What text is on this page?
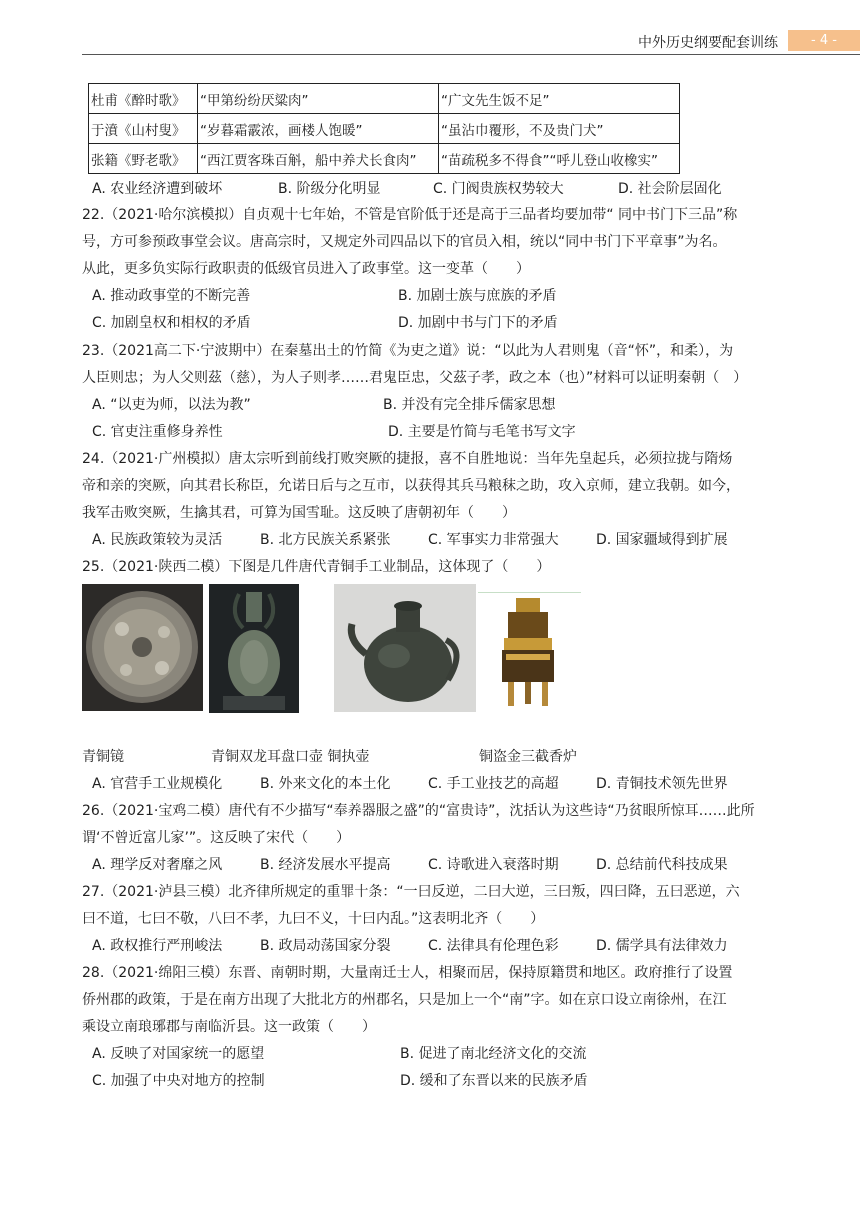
中外历史纲要配套训练	- 4 -
杜甫《醉时歌》	“甲第纷纷厌粱肉”	“广文先生饭不足”
于濆《山村叟》	“岁暮霜霰浓，画楼人饱暖”	“虽沾巾覆形，不及贵门犬”
张籍《野老歌》	“西江贾客珠百斛，船中养犬长食肉”	“苗疏税多不得食”“呼儿登山收橡实”
A. 农业经济遭到破坏	B. 阶级分化明显	C. 门阀贵族权势较大	D. 社会阶层固化
22.（2021·哈尔滨模拟）自贞观十七年始，不管是官阶低于还是高于三品者均要加带“ 同中书门下三品”称
号，方可参预政事堂会议。唐高宗时，又规定外司四品以下的官员入相，统以“同中书门下平章事”为名。
从此，更多负实际行政职责的低级官员进入了政事堂。这一变革（　　）
A. 推动政事堂的不断完善	B. 加剧士族与庶族的矛盾
C. 加剧皇权和相权的矛盾	D. 加剧中书与门下的矛盾
23.（2021高二下·宁波期中）在秦墓出土的竹简《为吏之道》说：“以此为人君则鬼（音“怀”，和柔），为
人臣则忠；为人父则茲（慈），为人子则孝……君鬼臣忠，父茲子孝，政之本（也）”材料可以证明秦朝（　）
A. “以吏为师，以法为教”	B. 并没有完全排斥儒家思想
C. 官吏注重修身养性	D. 主要是竹简与毛笔书写文字
24.（2021·广州模拟）唐太宗听到前线打败突厥的捷报，喜不自胜地说：当年先皇起兵，必须拉拢与隋炀
帝和亲的突厥，向其君长称臣，允诺日后与之互市，以获得其兵马粮秣之助，攻入京师，建立我朝。如今，
我军击败突厥，生擒其君，可算为国雪耻。这反映了唐朝初年（　　）
A. 民族政策较为灵活	B. 北方民族关系紧张	C. 军事实力非常强大	D. 国家疆域得到扩展
25.（2021·陕西二模）下图是几件唐代青铜手工业制品，这体现了（　　）
青铜镜	青铜双龙耳盘口壶 铜执壶	铜盗金三截香炉
A. 官营手工业规模化	B. 外来文化的本土化	C. 手工业技艺的高超	D. 青铜技术领先世界
26.（2021·宝鸡二模）唐代有不少描写“奉养器服之盛”的“富贵诗”，沈括认为这些诗“乃贫眼所惊耳……此所
谓‘不曾近富儿家’”。这反映了宋代（　　）
A. 理学反对奢靡之风	B. 经济发展水平提高	C. 诗歌进入衰落时期	D. 总结前代科技成果
27.（2021·泸县三模）北齐律所规定的重罪十条：“一曰反逆，二曰大逆，三曰叛，四曰降，五曰恶逆，六
曰不道，七曰不敬，八曰不孝，九曰不义，十曰内乱。”这表明北齐（　　）
A. 政权推行严刑峻法	B. 政局动荡国家分裂	C. 法律具有伦理色彩	D. 儒学具有法律效力
28.（2021·绵阳三模）东晋、南朝时期，大量南迁士人，相聚而居，保持原籍贯和地区。政府推行了设置
侨州郡的政策，于是在南方出现了大批北方的州郡名，只是加上一个“南”字。如在京口设立南徐州，在江
乘设立南琅琊郡与南临沂县。这一政策（　　）
A. 反映了对国家统一的愿望	B. 促进了南北经济文化的交流
C. 加强了中央对地方的控制	D. 缓和了东晋以来的民族矛盾
